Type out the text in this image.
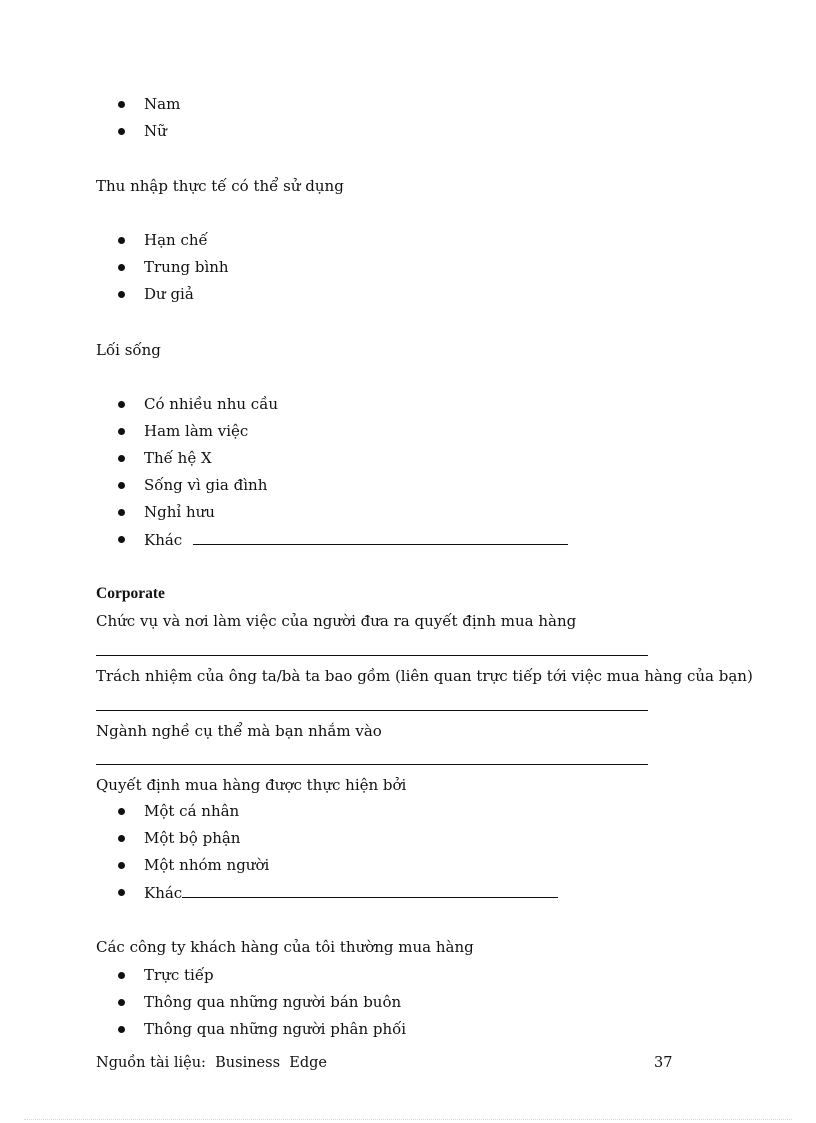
Nam
Nữ
Thu nhập thực tế có thể sử dụng
Hạn chế
Trung bình
Dư giả
Lối sống
Có nhiều nhu cầu
Ham làm việc
Thế hệ X
Sống vì gia đình
Nghỉ hưu
Khác
Corporate
Chức vụ và nơi làm việc của người đưa ra quyết định mua hàng
Trách nhiệm của ông ta/bà ta bao gồm (liên quan trực tiếp tới việc mua hàng của bạn)
Ngành nghề cụ thể mà bạn nhắm vào
Quyết định mua hàng được thực hiện bởi
Một cá nhân
Một bộ phận
Một nhóm người
Khác
Các công ty khách hàng của tôi thường mua hàng
Trực tiếp
Thông qua những người bán buôn
Thông qua những người phân phối
Nguồn tài liệu:  Business  Edge	37
